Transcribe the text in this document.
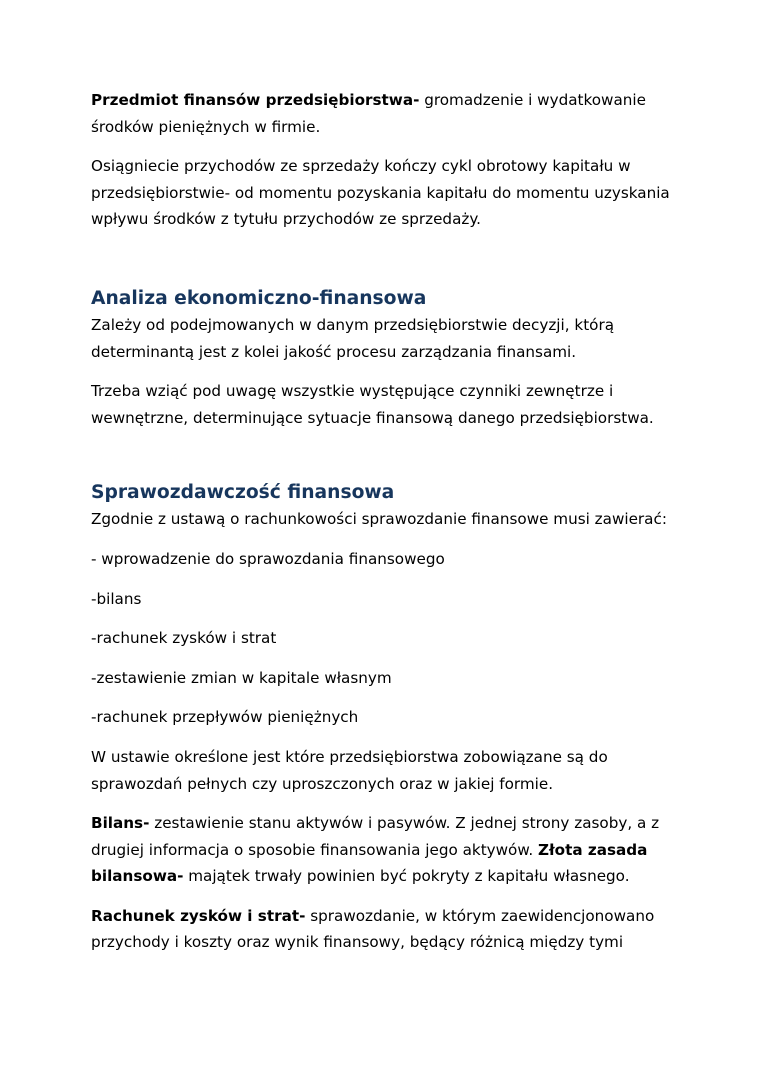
Przedmiot finansów przedsiębiorstwa- gromadzenie i wydatkowanie środków pieniężnych w firmie.

Osiągniecie przychodów ze sprzedaży kończy cykl obrotowy kapitału w przedsiębiorstwie- od momentu pozyskania kapitału do momentu uzyskania wpływu środków z tytułu przychodów ze sprzedaży.

Analiza ekonomiczno-finansowa

Zależy od podejmowanych w danym przedsiębiorstwie decyzji, którą determinantą jest z kolei jakość procesu zarządzania finansami.

Trzeba wziąć pod uwagę wszystkie występujące czynniki zewnętrze i wewnętrzne, determinujące sytuacje finansową danego przedsiębiorstwa.

Sprawozdawczość finansowa

Zgodnie z ustawą o rachunkowości sprawozdanie finansowe musi zawierać:

- wprowadzenie do sprawozdania finansowego

-bilans

-rachunek zysków i strat

-zestawienie zmian w kapitale własnym

-rachunek przepływów pieniężnych

W ustawie określone jest które przedsiębiorstwa zobowiązane są do sprawozdań pełnych czy uproszczonych oraz w jakiej formie.

Bilans- zestawienie stanu aktywów i pasywów. Z jednej strony zasoby, a z drugiej informacja o sposobie finansowania jego aktywów. Złota zasada bilansowa- majątek trwały powinien być pokryty z kapitału własnego.

Rachunek zysków i strat- sprawozdanie, w którym zaewidencjonowano przychody i koszty oraz wynik finansowy, będący różnicą między tymi
